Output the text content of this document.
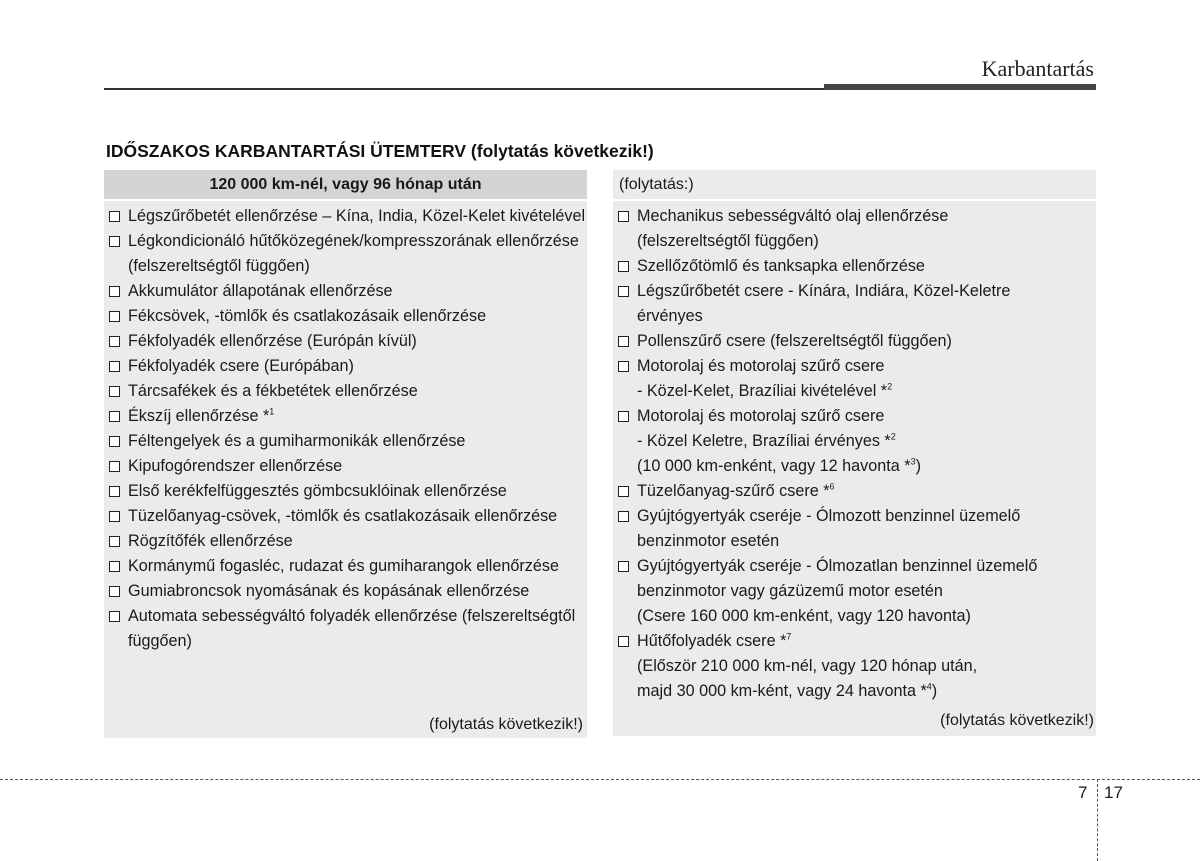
Karbantartás
IDŐSZAKOS KARBANTARTÁSI ÜTEMTERV (folytatás következik!)
120 000 km-nél, vagy 96 hónap után
Légszűrőbetét ellenőrzése – Kína, India, Közel-Kelet kivételével
Légkondicionáló hűtőközegének/kompresszorának ellenőrzése (felszereltségtől függően)
Akkumulátor állapotának ellenőrzése
Fékcsövek, -tömlők és csatlakozásaik ellenőrzése
Fékfolyadék ellenőrzése (Európán kívül)
Fékfolyadék csere (Európában)
Tárcsafékek és a fékbetétek ellenőrzése
Ékszíj ellenőrzése *$^1$
Féltengelyek és a gumiharmonikák ellenőrzése
Kipufogórendszer ellenőrzése
Első kerékfelfüggesztés gömbcsuklóinak ellenőrzése
Tüzelőanyag-csövek, -tömlők és csatlakozásaik ellenőrzése
Rögzítőfék ellenőrzése
Kormánymű fogasléc, rudazat és gumiharangok ellenőrzése
Gumiabroncsok nyomásának és kopásának ellenőrzése
Automata sebességváltó folyadék ellenőrzése (felszereltségtől függően)
(folytatás következik!)
(folytatás:)
Mechanikus sebességváltó olaj ellenőrzése
(felszereltségtől függően)
Szellőzőtömlő és tanksapka ellenőrzése
Légszűrőbetét csere - Kínára, Indiára, Közel-Keletre
érvényes
Pollenszűrő csere (felszereltségtől függően)
Motorolaj és motorolaj szűrő csere
- Közel-Kelet, Brazíliai kivételével *$^2$
Motorolaj és motorolaj szűrő csere
- Közel Keletre, Brazíliai érvényes *$^2$
(10 000 km-enként, vagy 12 havonta *$^3$)
Tüzelőanyag-szűrő csere *$^6$
Gyújtógyertyák cseréje - Ólmozott benzinnel üzemelő
benzinmotor esetén
Gyújtógyertyák cseréje - Ólmozatlan benzinnel üzemelő
benzinmotor vagy gázüzemű motor esetén
(Csere 160 000 km-enként, vagy 120 havonta)
Hűtőfolyadék csere *$^7$
(Először 210 000 km-nél, vagy 120 hónap után,
majd 30 000 km-ként, vagy 24 havonta *$^4$)
(folytatás következik!)
7 17
